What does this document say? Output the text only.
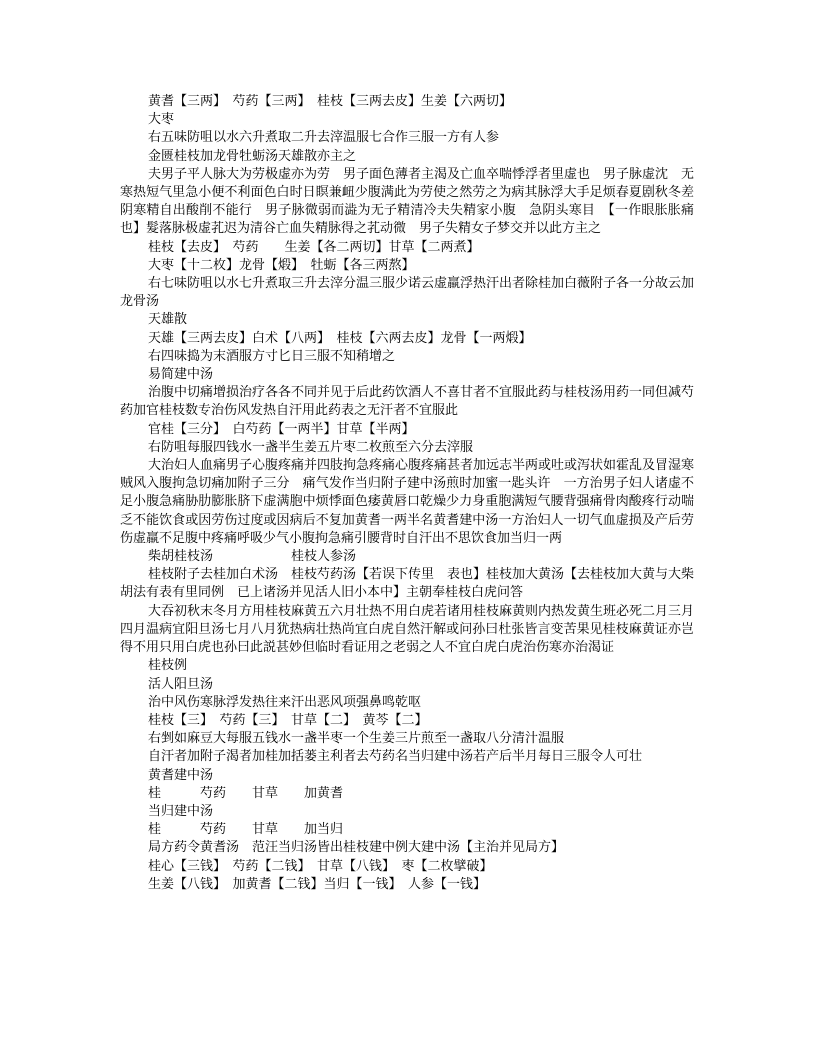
黄耆【三两】　芍药【三两】　桂枝【三两去皮】生姜【六两切】
大枣
右五味防咀以水六升煮取二升去滓温服七合作三服一方有人参
金匮桂枝加龙骨牡蛎汤天雄散亦主之

夫男子平人脉大为劳极虚亦为劳　男子面色薄者主渴及亡血卒喘悸浮者里虚也　男子脉虚沈　无寒热短气里急小便不利面色白时日瞑兼衄少腹满此为劳使之然劳之为病其脉浮大手足烦春夏剧秋冬差阴寒精自出酸削不能行　男子脉微弱而澁为无子精清冷夫失精家小腹　急阴头寒目　【一作眼胀胀痛也】髮落脉极虚芤迟为清谷亡血失精脉得之芤动微　男子失精女子梦交并以此方主之

桂枝【去皮】　芍药　　生姜【各二两切】甘草【二两煮】
大枣【十二枚】龙骨【煅】　牡蛎【各三两熬】

右七味防咀以水七升煮取三升去滓分温三服少诺云虚羸浮热汗出者除桂加白薇附子各一分故云加龙骨汤

天雄散
天雄【三两去皮】白术【八两】　桂枝【六两去皮】龙骨【一两煅】
右四味捣为末酒服方寸匕日三服不知稍增之
易简建中汤

治腹中切痛增损治疗各各不同并见于后此药饮酒人不喜甘者不宜服此药与桂枝汤用药一同但减芍药加官桂枝数专治伤风发热自汗用此药表之无汗者不宜服此

官桂【三分】　白芍药【一两半】甘草【半两】
右防咀每服四钱水一盏半生姜五片枣二枚煎至六分去滓服

大治妇人血痛男子心腹疼痛并四肢拘急疼痛心腹疼痛甚者加远志半两或吐或泻状如霍乱及冒湿寒贼风入腹拘急切痛加附子三分　痛气发作当归附子建中汤煎时加蜜一匙头许　一方治男子妇人诸虚不足小腹急痛胁肋膨胀脐下虚满胞中烦悸面色痿黄唇口乾燥少力身重胞满短气腰背强痛骨肉酸疼行动喘乏不能饮食或因劳伤过度或因病后不复加黄耆一两半名黄耆建中汤一方治妇人一切气血虚损及产后劳伤虚羸不足腹中疼痛呼吸少气小腹拘急痛引腰背时自汗出不思饮食加当归一两

柴胡桂枝汤　　　　　　桂枝人参汤

桂枝附子去桂加白术汤　桂枝芍药汤【若误下传里　表也】桂枝加大黄汤【去桂枝加大黄与大柴胡法有表有里同例　已上诸汤并见活人旧小本中】主朝奉桂枝白虎问答

大吞初秋末冬月方用桂枝麻黄五六月壮热不用白虎若诸用桂枝麻黄则内热发黄生班必死二月三月四月温病宜阳旦汤七月八月犹热病壮热尚宜白虎自然汗解或问孙曰杜张皆言变苦果见桂枝麻黄证亦岂得不用只用白虎也孙曰此説甚妙但临时看证用之老弱之人不宜白虎白虎治伤寒亦治渴证

桂枝例
活人阳旦汤
治中风伤寒脉浮发热往来汗出恶风项强鼻鸣乾呕
桂枝【三】　芍药【三】　甘草【二】　黄芩【二】
右剉如麻豆大每服五钱水一盏半枣一个生姜三片煎至一盏取八分清汁温服
自汗者加附子渴者加桂加括蒌主利者去芍药名当归建中汤若产后半月每日三服令人可壮
黄耆建中汤
桂　　　芍药　　甘草　　加黄耆
当归建中汤
桂　　　芍药　　甘草　　加当归
局方药令黄耆汤　范汪当归汤皆出桂枝建中例大建中汤【主治并见局方】
桂心【三钱】　芍药【二钱】　甘草【八钱】　枣【二枚擘破】
生姜【八钱】　加黄耆【二钱】当归【一钱】　人参【一钱】
